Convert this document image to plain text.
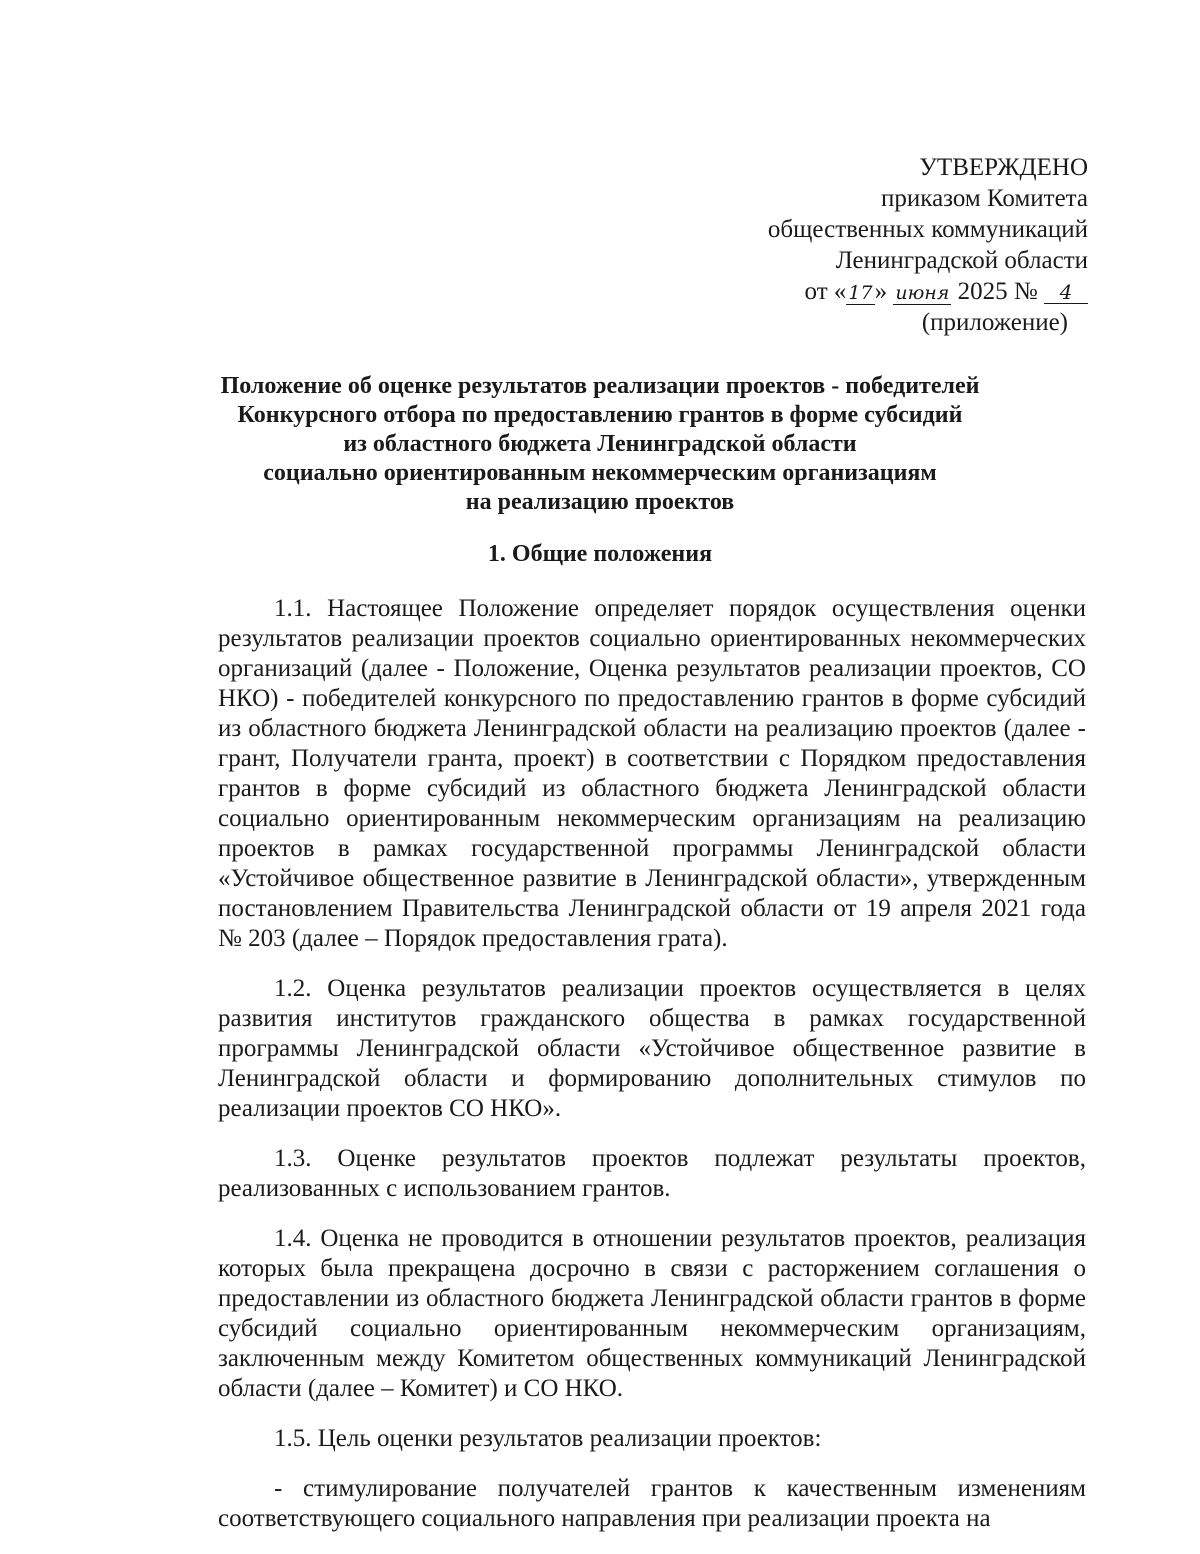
УТВЕРЖДЕНО
приказом Комитета
общественных коммуникаций
Ленинградской области
от « 17» июня 2025 № 4
(приложение)
Положение об оценке результатов реализации проектов - победителей
Конкурсного отбора по предоставлению грантов в форме субсидий
из областного бюджета Ленинградской области
социально ориентированным некоммерческим организациям
на реализацию проектов
1. Общие положения

1.1. Настоящее Положение определяет порядок осуществления оценки результатов реализации проектов социально ориентированных некоммерческих организаций (далее - Положение, Оценка результатов реализации проектов, СО НКО) - победителей конкурсного по предоставлению грантов в форме субсидий из областного бюджета Ленинградской области на реализацию проектов (далее - грант, Получатели гранта, проект) в соответствии с Порядком предоставления грантов в форме субсидий из областного бюджета Ленинградской области социально ориентированным некоммерческим организациям на реализацию проектов в рамках государственной программы Ленинградской области «Устойчивое общественное развитие в Ленинградской области», утвержденным постановлением Правительства Ленинградской области от 19 апреля 2021 года № 203 (далее – Порядок предоставления грата).

1.2. Оценка результатов реализации проектов осуществляется в целях развития институтов гражданского общества в рамках государственной программы Ленинградской области «Устойчивое общественное развитие в Ленинградской области и формированию дополнительных стимулов по реализации проектов СО НКО».

1.3. Оценке результатов проектов подлежат результаты проектов, реализованных с использованием грантов.

1.4. Оценка не проводится в отношении результатов проектов, реализация которых была прекращена досрочно в связи с расторжением соглашения о предоставлении из областного бюджета Ленинградской области грантов в форме субсидий социально ориентированным некоммерческим организациям, заключенным между Комитетом общественных коммуникаций Ленинградской области (далее – Комитет) и СО НКО.

1.5. Цель оценки результатов реализации проектов:

- стимулирование получателей грантов к качественным изменениям соответствующего социального направления при реализации проекта на
